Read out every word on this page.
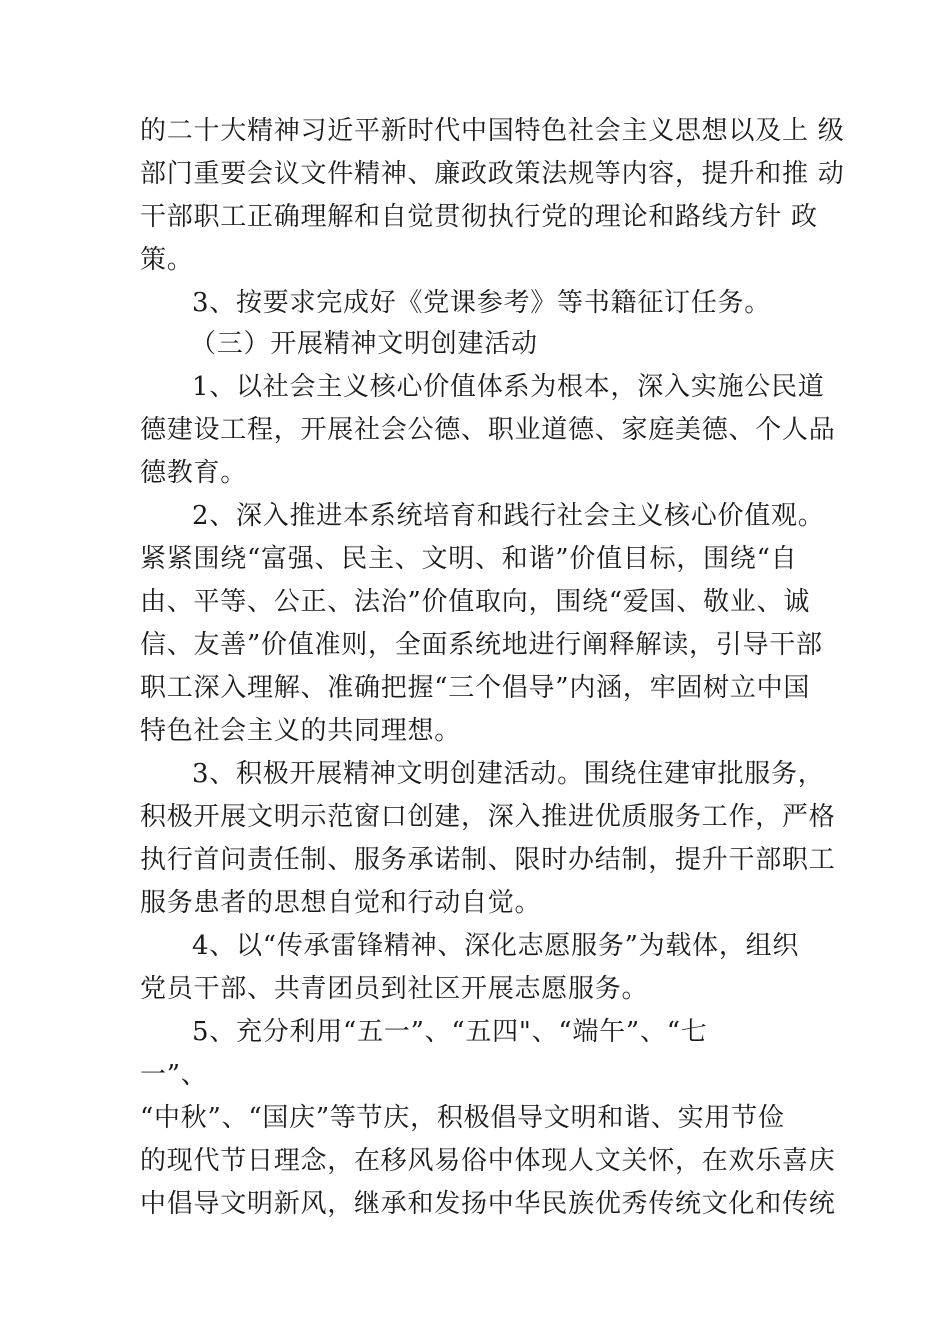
的二十大精神习近平新时代中国特色社会主义思想以及上 级
部门重要会议文件精神、廉政政策法规等内容，提升和推 动
干部职工正确理解和自觉贯彻执行党的理论和路线方针 政
策。
3、按要求完成好《党课参考》等书籍征订任务。
（三）开展精神文明创建活动
1、以社会主义核心价值体系为根本，深入实施公民道
德建设工程，开展社会公德、职业道德、家庭美德、个人品
德教育。
2、深入推进本系统培育和践行社会主义核心价值观。
紧紧围绕“富强、民主、文明、和谐”价值目标，围绕“自
由、平等、公正、法治”价值取向，围绕“爱国、敬业、诚
信、友善”价值准则，全面系统地进行阐释解读，引导干部
职工深入理解、准确把握“三个倡导”内涵，牢固树立中国
特色社会主义的共同理想。
3、积极开展精神文明创建活动。围绕住建审批服务，
积极开展文明示范窗口创建，深入推进优质服务工作，严格
执行首问责任制、服务承诺制、限时办结制，提升干部职工
服务患者的思想自觉和行动自觉。
4、以“传承雷锋精神、深化志愿服务”为载体，组织
党员干部、共青团员到社区开展志愿服务。
5、充分利用“五一”、“五四"、“端午”、“七
一”、
“中秋”、“国庆”等节庆，积极倡导文明和谐、实用节俭
的现代节日理念，在移风易俗中体现人文关怀，在欢乐喜庆
中倡导文明新风，继承和发扬中华民族优秀传统文化和传统
